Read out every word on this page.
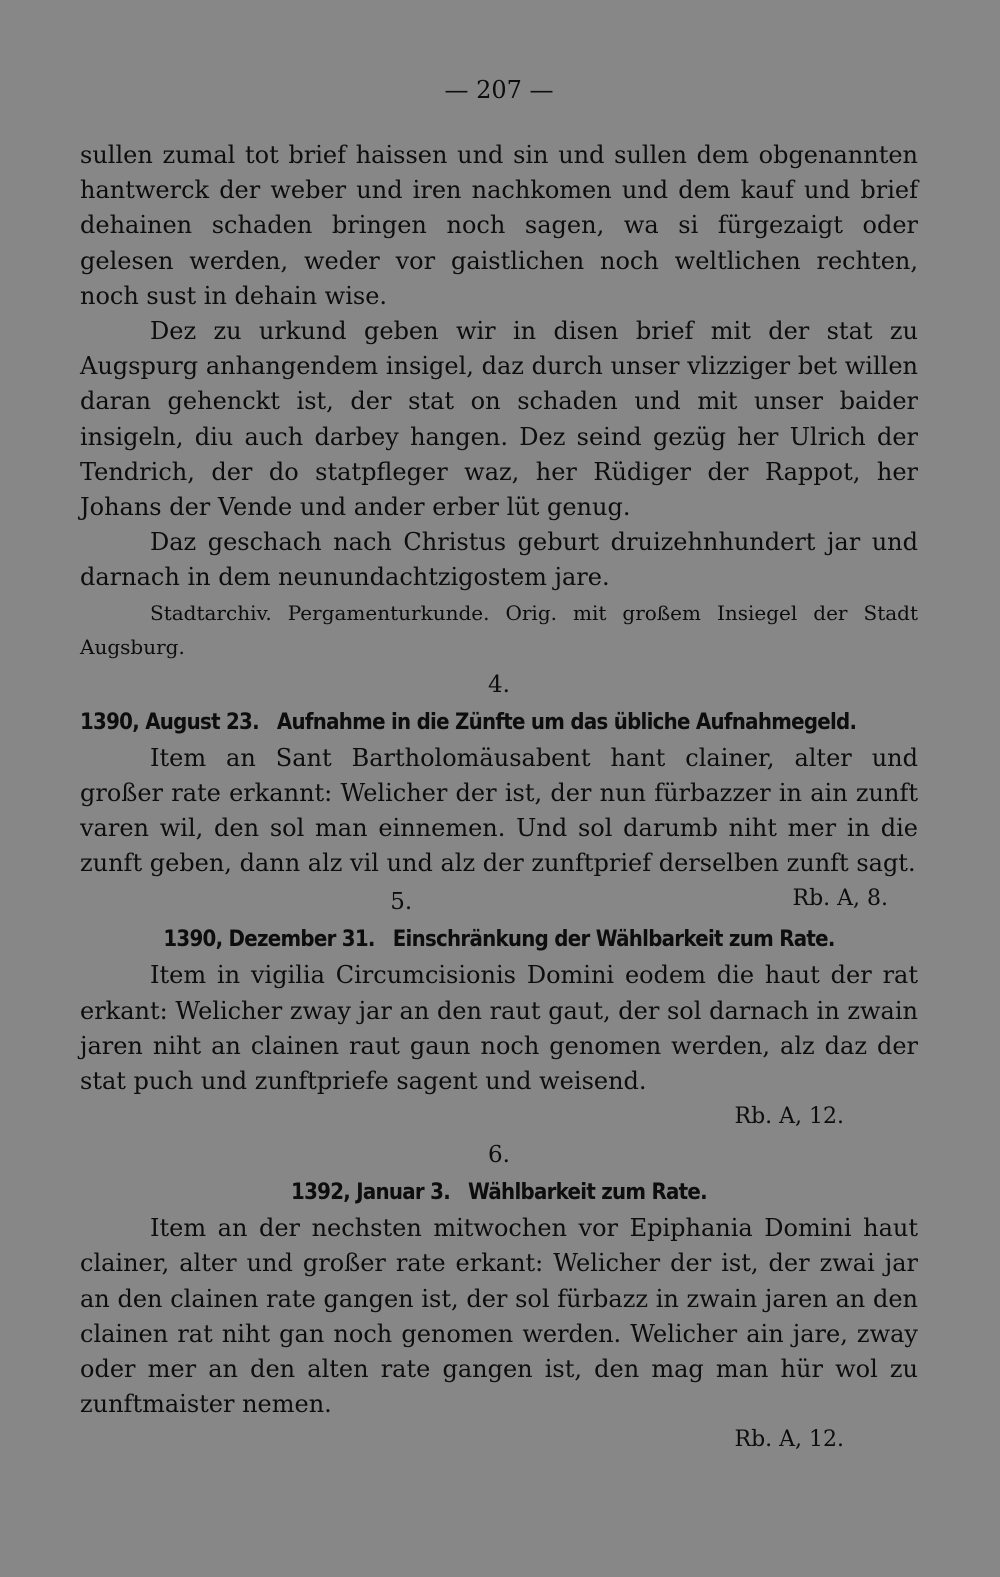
— 207 —

sullen zumal tot brief haissen und sin und sullen dem obgenannten hantwerck der weber und iren nachkomen und dem kauf und brief dehainen schaden bringen noch sagen, wa si fürgezaigt oder gelesen werden, weder vor gaistlichen noch weltlichen rechten, noch sust in dehain wise.

Dez zu urkund geben wir in disen brief mit der stat zu Augspurg anhangendem insigel, daz durch unser vlizziger bet willen daran gehenckt ist, der stat on schaden und mit unser baider insigeln, diu auch darbey hangen. Dez seind gezüg her Ulrich der Tendrich, der do statpfleger waz, her Rüdiger der Rappot, her Johans der Vende und ander erber lüt genug.

Daz geschach nach Christus geburt druizehnhundert jar und darnach in dem neunundachtzigostem jare.

Stadtarchiv. Pergamenturkunde. Orig. mit großem Insiegel der Stadt Augsburg.

4.
1390, August 23. Aufnahme in die Zünfte um das übliche Aufnahmegeld.

Item an Sant Bartholomäusabent hant clainer, alter und großer rate erkannt: Welicher der ist, der nun fürbazzer in ain zunft varen wil, den sol man einnemen. Und sol darumb niht mer in die zunft geben, dann alz vil und alz der zunftprief derselben zunft sagt.
Rb. A, 8.

5.
1390, Dezember 31. Einschränkung der Wählbarkeit zum Rate.

Item in vigilia Circumcisionis Domini eodem die haut der rat erkant: Welicher zway jar an den raut gaut, der sol darnach in zwain jaren niht an clainen raut gaun noch genomen werden, alz daz der stat puch und zunftpriefe sagent und weisend.

Rb. A, 12.
6.
1392, Januar 3. Wählbarkeit zum Rate.

Item an der nechsten mitwochen vor Epiphania Domini haut clainer, alter und großer rate erkant: Welicher der ist, der zwai jar an den clainen rate gangen ist, der sol fürbazz in zwain jaren an den clainen rat niht gan noch genomen werden. Welicher ain jare, zway oder mer an den alten rate gangen ist, den mag man hür wol zu zunftmaister nemen.

Rb. A, 12.
